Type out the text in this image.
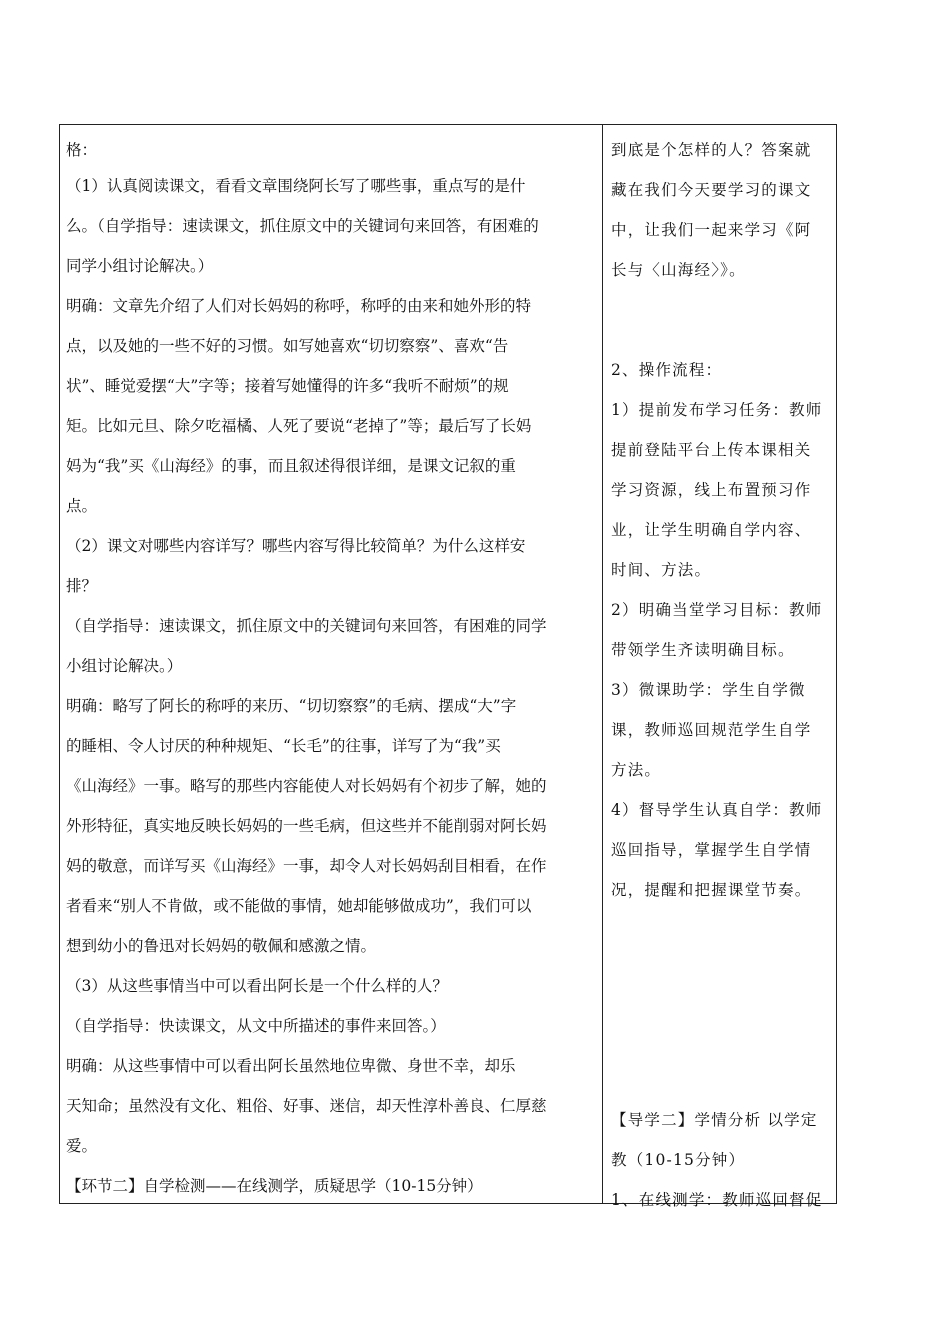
格：
（1）认真阅读课文，看看文章围绕阿长写了哪些事，重点写的是什
么。（自学指导：速读课文，抓住原文中的关键词句来回答，有困难的
同学小组讨论解决。）
明确：文章先介绍了人们对长妈妈的称呼，称呼的由来和她外形的特
点，以及她的一些不好的习惯。如写她喜欢“切切察察”、喜欢“告
状”、睡觉爱摆“大”字等；接着写她懂得的许多“我听不耐烦”的规
矩。比如元旦、除夕吃福橘、人死了要说“老掉了”等；最后写了长妈
妈为“我”买《山海经》的事，而且叙述得很详细，是课文记叙的重
点。
（2）课文对哪些内容详写？哪些内容写得比较简单？为什么这样安
排？
（自学指导：速读课文，抓住原文中的关键词句来回答，有困难的同学
小组讨论解决。）
明确：略写了阿长的称呼的来历、“切切察察”的毛病、摆成“大”字
的睡相、令人讨厌的种种规矩、“长毛”的往事，详写了为“我”买
《山海经》一事。略写的那些内容能使人对长妈妈有个初步了解，她的
外形特征，真实地反映长妈妈的一些毛病，但这些并不能削弱对阿长妈
妈的敬意，而详写买《山海经》一事，却令人对长妈妈刮目相看，在作
者看来“别人不肯做，或不能做的事情，她却能够做成功”，我们可以
想到幼小的鲁迅对长妈妈的敬佩和感激之情。
（3）从这些事情当中可以看出阿长是一个什么样的人？
（自学指导：快读课文，从文中所描述的事件来回答。）
明确：从这些事情中可以看出阿长虽然地位卑微、身世不幸，却乐
天知命；虽然没有文化、粗俗、好事、迷信，却天性淳朴善良、仁厚慈
爱。
【环节二】自学检测——在线测学，质疑思学（10-15分钟）
到底是个怎样的人？答案就
藏在我们今天要学习的课文
中，让我们一起来学习《阿
长与〈山海经〉》。
2、操作流程：
1）提前发布学习任务：教师
提前登陆平台上传本课相关
学习资源，线上布置预习作
业，让学生明确自学内容、
时间、方法。
2）明确当堂学习目标：教师
带领学生齐读明确目标。
3）微课助学：学生自学微
课，教师巡回规范学生自学
方法。
4）督导学生认真自学：教师
巡回指导，掌握学生自学情
况，提醒和把握课堂节奏。
【导学二】学情分析 以学定
教（10-15分钟）
1、在线测学：教师巡回督促
